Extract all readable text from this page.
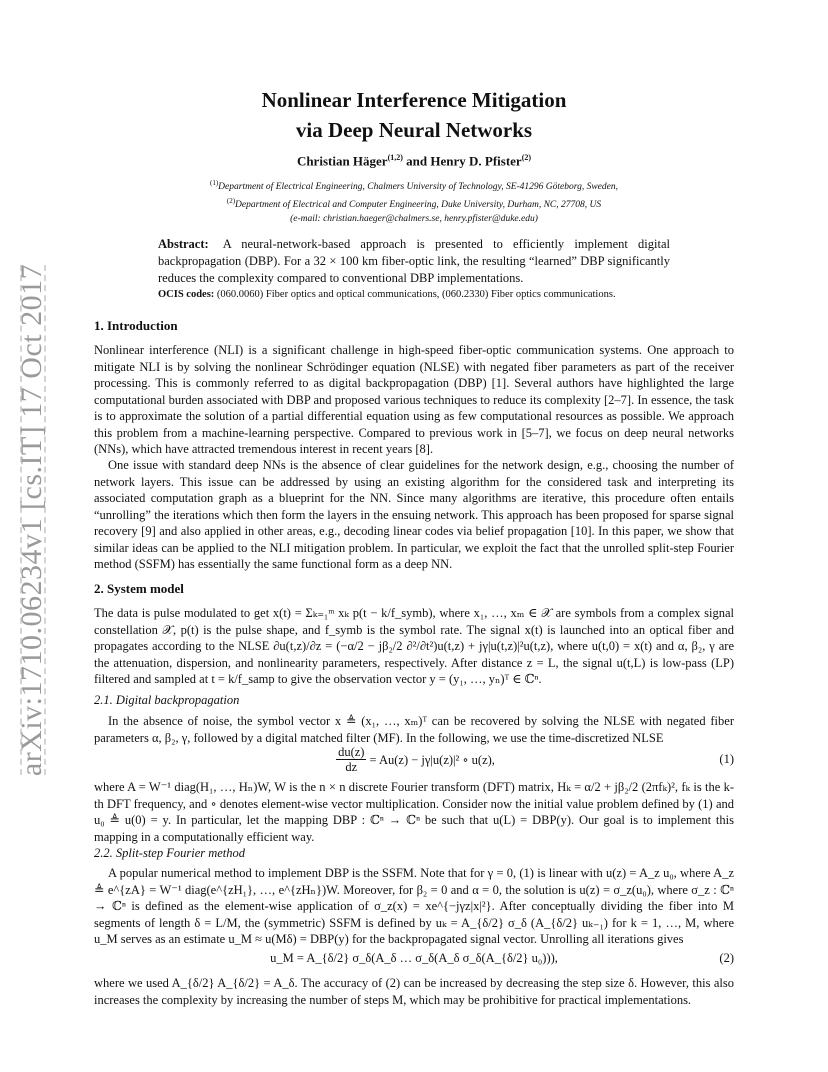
arXiv:1710.06234v1 [cs.IT] 17 Oct 2017
Nonlinear Interference Mitigation
via Deep Neural Networks
Christian Häger$^{(1,2)}$ and Henry D. Pfister$^{(2)}$
$^{(1)}$Department of Electrical Engineering, Chalmers University of Technology, SE-41296 Göteborg, Sweden,
$^{(2)}$Department of Electrical and Computer Engineering, Duke University, Durham, NC, 27708, US
(e-mail: christian.haeger@chalmers.se, henry.pfister@duke.edu)
Abstract: A neural-network-based approach is presented to efficiently implement digital backpropagation (DBP). For a 32 × 100 km fiber-optic link, the resulting “learned” DBP significantly reduces the complexity compared to conventional DBP implementations.
OCIS codes: (060.0060) Fiber optics and optical communications, (060.2330) Fiber optics communications.
1. Introduction
Nonlinear interference (NLI) is a significant challenge in high-speed fiber-optic communication systems. One approach to mitigate NLI is by solving the nonlinear Schrödinger equation (NLSE) with negated fiber parameters as part of the receiver processing. This is commonly referred to as digital backpropagation (DBP) [1]. Several authors have highlighted the large computational burden associated with DBP and proposed various techniques to reduce its complexity [2–7]. In essence, the task is to approximate the solution of a partial differential equation using as few computational resources as possible. We approach this problem from a machine-learning perspective. Compared to previous work in [5–7], we focus on deep neural networks (NNs), which have attracted tremendous interest in recent years [8].
One issue with standard deep NNs is the absence of clear guidelines for the network design, e.g., choosing the number of network layers. This issue can be addressed by using an existing algorithm for the considered task and interpreting its associated computation graph as a blueprint for the NN. Since many algorithms are iterative, this procedure often entails “unrolling” the iterations which then form the layers in the ensuing network. This approach has been proposed for sparse signal recovery [9] and also applied in other areas, e.g., decoding linear codes via belief propagation [10]. In this paper, we show that similar ideas can be applied to the NLI mitigation problem. In particular, we exploit the fact that the unrolled split-step Fourier method (SSFM) has essentially the same functional form as a deep NN.
2. System model
The data is pulse modulated to get x(t) = Σₖ₌₁ᵐ xₖ p(t − k/f_symb), where x₁, …, xₘ ∈ 𝒳 are symbols from a complex signal constellation 𝒳, p(t) is the pulse shape, and f_symb is the symbol rate. The signal x(t) is launched into an optical fiber and propagates according to the NLSE ∂u(t,z)/∂z = (−α/2 − jβ₂/2 ∂²/∂t²)u(t,z) + jγ|u(t,z)|²u(t,z), where u(t,0) = x(t) and α, β₂, γ are the attenuation, dispersion, and nonlinearity parameters, respectively. After distance z = L, the signal u(t,L) is low-pass (LP) filtered and sampled at t = k/f_samp to give the observation vector y = (y₁, …, yₙ)ᵀ ∈ ℂⁿ.
2.1. Digital backpropagation
In the absence of noise, the symbol vector x ≜ (x₁, …, xₘ)ᵀ can be recovered by solving the NLSE with negated fiber parameters α, β₂, γ, followed by a digital matched filter (MF). In the following, we use the time-discretized NLSE
$\frac{du(z)}{dz} = Au(z) - j\gamma|u(z)|^2$ ∘ u(z),	(1)
where A = W⁻¹ diag(H₁, …, Hₙ)W, W is the n × n discrete Fourier transform (DFT) matrix, Hₖ = α/2 + jβ₂/2 (2πfₖ)², fₖ is the k-th DFT frequency, and ∘ denotes element-wise vector multiplication. Consider now the initial value problem defined by (1) and u₀ ≜ u(0) = y. In particular, let the mapping DBP : ℂⁿ → ℂⁿ be such that u(L) = DBP(y). Our goal is to implement this mapping in a computationally efficient way.
2.2. Split-step Fourier method
A popular numerical method to implement DBP is the SSFM. Note that for γ = 0, (1) is linear with u(z) = A_z u₀, where A_z ≜ e^{zA} = W⁻¹ diag(e^{zH₁}, …, e^{zHₙ})W. Moreover, for β₂ = 0 and α = 0, the solution is u(z) = σ_z(u₀), where σ_z : ℂⁿ → ℂⁿ is defined as the element-wise application of σ_z(x) = xe^{−jγz|x|²}. After conceptually dividing the fiber into M segments of length δ = L/M, the (symmetric) SSFM is defined by uₖ = A_{δ/2} σ_δ (A_{δ/2} uₖ₋₁) for k = 1, …, M, where u_M serves as an estimate u_M ≈ u(Mδ) = DBP(y) for the backpropagated signal vector. Unrolling all iterations gives
u_M = A_{δ/2} σ_δ(A_δ … σ_δ(A_δ σ_δ(A_{δ/2} u₀))),	(2)
where we used A_{δ/2} A_{δ/2} = A_δ. The accuracy of (2) can be increased by decreasing the step size δ. However, this also increases the complexity by increasing the number of steps M, which may be prohibitive for practical implementations.
